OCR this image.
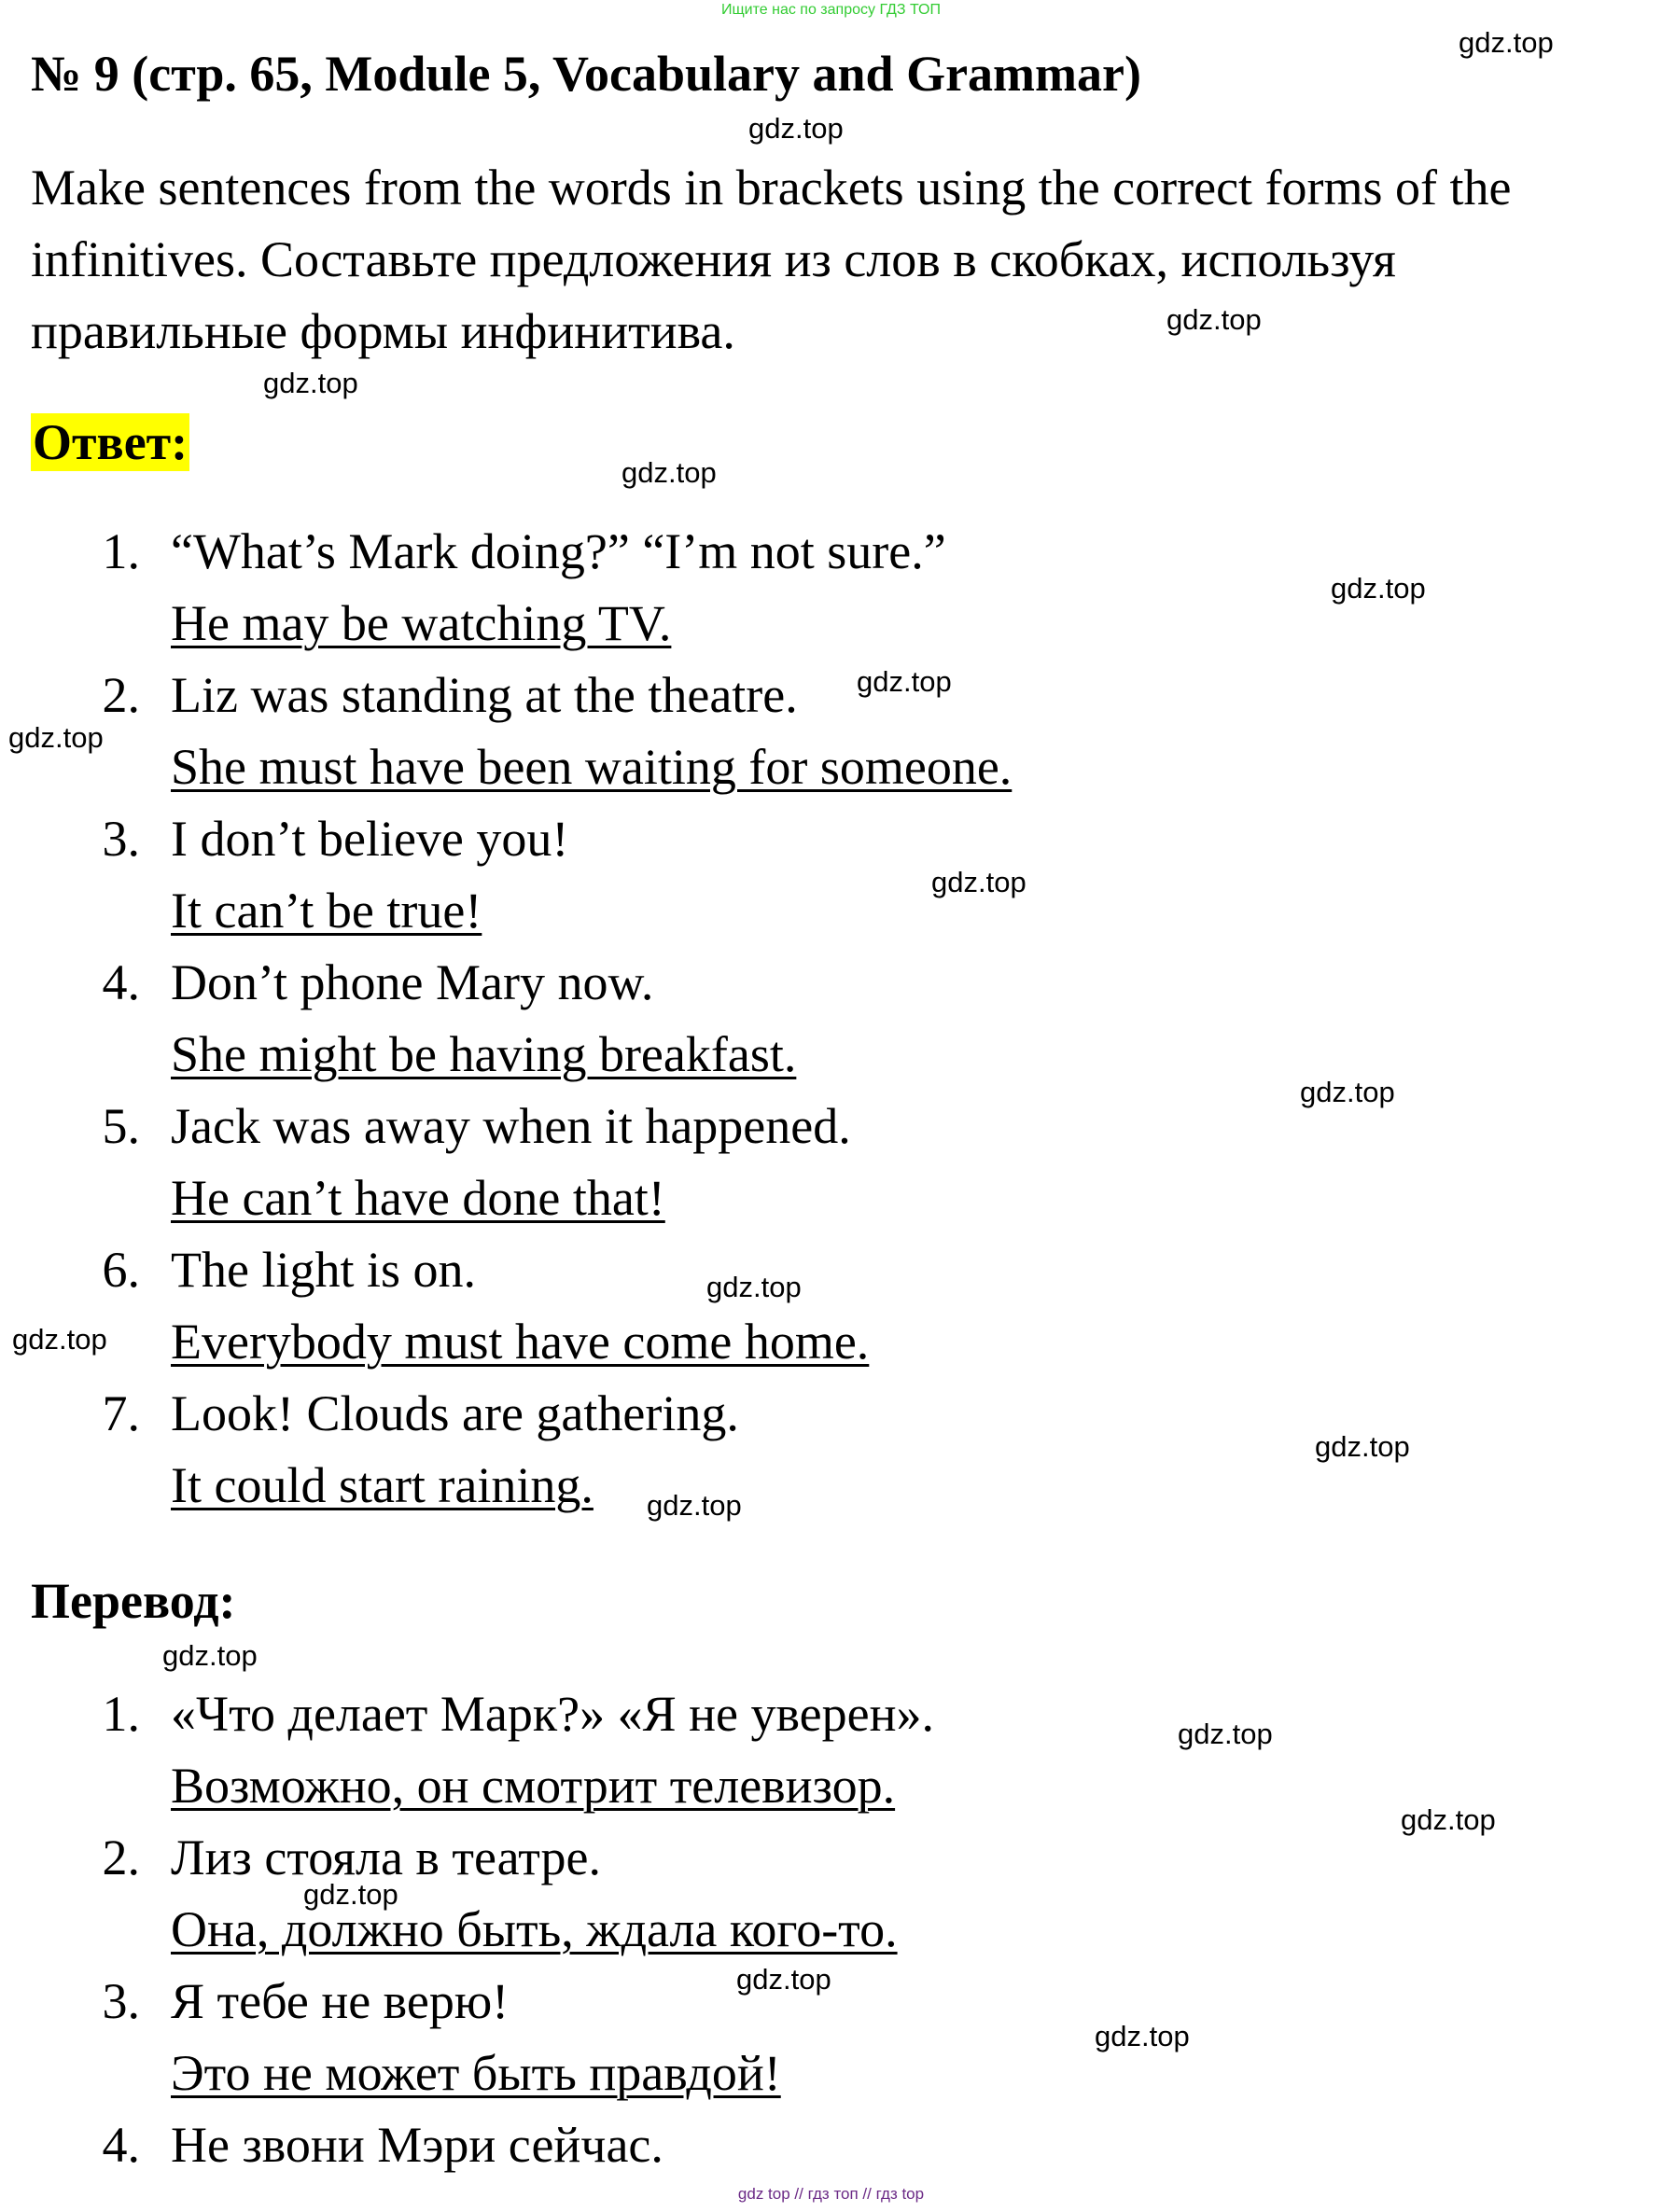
Ищите нас по запросу ГДЗ ТОП
№ 9 (стр. 65, Module 5, Vocabulary and Grammar)
Make sentences from the words in brackets using the correct forms of the
infinitives. Составьте предложения из слов в скобках, используя
правильные формы инфинитива.
Ответ:
1. “What’s Mark doing?” “I’m not sure.”
He may be watching TV.
2. Liz was standing at the theatre.
She must have been waiting for someone.
3. I don’t believe you!
It can’t be true!
4. Don’t phone Mary now.
She might be having breakfast.
5. Jack was away when it happened.
He can’t have done that!
6. The light is on.
Everybody must have come home.
7. Look! Clouds are gathering.
It could start raining.
Перевод:
1. «Что делает Марк?» «Я не уверен».
Возможно, он смотрит телевизор.
2. Лиз стояла в театре.
Она, должно быть, ждала кого-то.
3. Я тебе не верю!
Это не может быть правдой!
4. Не звони Мэри сейчас.
gdz.top
gdz.top
gdz.top
gdz.top
gdz.top
gdz.top
gdz.top
gdz.top
gdz.top
gdz.top
gdz.top
gdz.top
gdz.top
gdz.top
gdz.top
gdz.top
gdz.top
gdz.top
gdz.top
gdz.top
gdz top // гдз топ // гдз top
